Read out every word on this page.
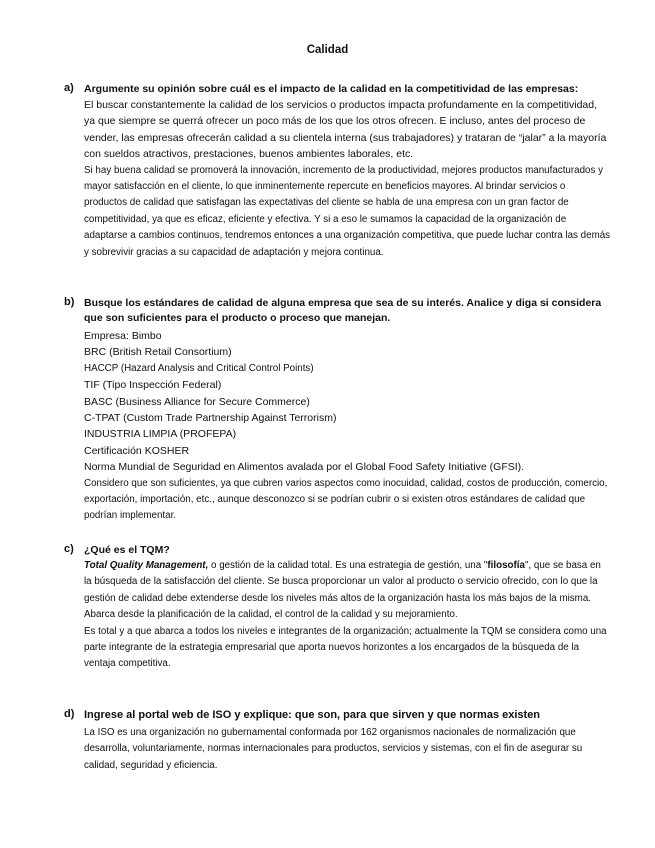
Calidad
a) Argumente su opinión sobre cuál es el impacto de la calidad en la competitividad de las empresas:

El buscar constantemente la calidad de los servicios o productos impacta profundamente en la competitividad, ya que siempre se querrá ofrecer un poco más de los que los otros ofrecen. E incluso, antes del proceso de vender, las empresas ofrecerán calidad a su clientela interna (sus trabajadores) y trataran de “jalar” a la mayoría con sueldos atractivos, prestaciones, buenos ambientes laborales, etc.

Si hay buena calidad se promoverá la innovación, incremento de la productividad, mejores productos manufacturados y mayor satisfacción en el cliente, lo que inminentemente repercute en beneficios mayores. Al brindar servicios o productos de calidad que satisfagan las expectativas del cliente se habla de una empresa con un gran factor de competitividad, ya que es eficaz, eficiente y efectiva. Y si a eso le sumamos la capacidad de la organización de adaptarse a cambios continuos, tendremos entonces a una organización competitiva, que puede luchar contra las demás y sobrevivir gracias a su capacidad de adaptación y mejora continua.

b) Busque los estándares de calidad de alguna empresa que sea de su interés. Analice y diga si considera que son suficientes para el producto o proceso que manejan.

Empresa: Bimbo

BRC (British Retail Consortium)

HACCP (Hazard Analysis and Critical Control Points)

TIF (Tipo Inspección Federal)

BASC (Business Alliance for Secure Commerce)

C-TPAT (Custom Trade Partnership Against Terrorism)

INDUSTRIA LIMPIA (PROFEPA)

Certificación KOSHER

Norma Mundial de Seguridad en Alimentos avalada por el Global Food Safety Initiative (GFSI).

Considero que son suficientes, ya que cubren varios aspectos como inocuidad, calidad, costos de producción, comercio, exportación, importación, etc., aunque desconozco si se podrían cubrir o si existen otros estándares de calidad que podrían implementar.

c) ¿Qué es el TQM?

Total Quality Management, o gestión de la calidad total. Es una estrategia de gestión, una "filosofía", que se basa en la búsqueda de la satisfacción del cliente. Se busca proporcionar un valor al producto o servicio ofrecido, con lo que la gestión de calidad debe extenderse desde los niveles más altos de la organización hasta los más bajos de la misma. Abarca desde la planificación de la calidad, el control de la calidad y su mejoramiento.

Es total y a que abarca a todos los niveles e integrantes de la organización; actualmente la TQM se considera como una parte integrante de la estrategia empresarial que aporta nuevos horizontes a los encargados de la búsqueda de la ventaja competitiva.

d) Ingrese al portal web de ISO y explique: que son, para que sirven y que normas existen

La ISO es una organización no gubernamental conformada por 162 organismos nacionales de normalización que desarrolla, voluntariamente, normas internacionales para productos, servicios y sistemas, con el fin de asegurar su calidad, seguridad y eficiencia.
